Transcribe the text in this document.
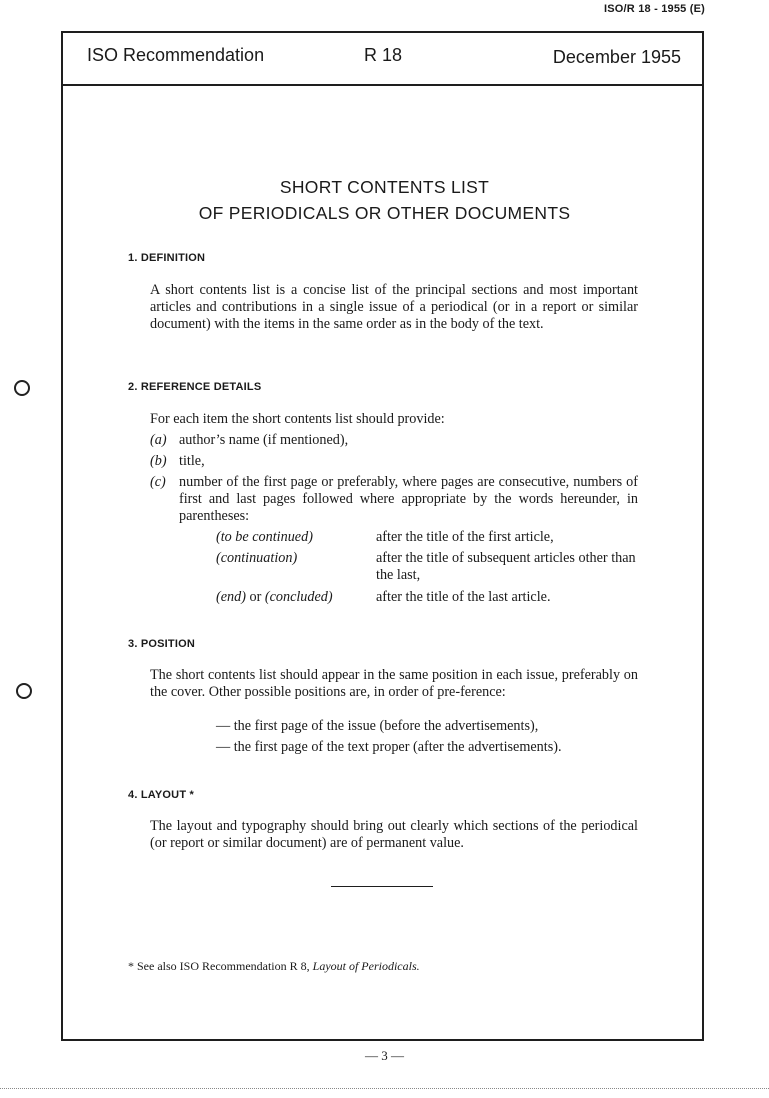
ISO/R 18 - 1955 (E)
ISO Recommendation	R 18	December 1955
SHORT CONTENTS LIST
OF PERIODICALS OR OTHER DOCUMENTS
1. DEFINITION
A short contents list is a concise list of the principal sections and most important articles and contributions in a single issue of a periodical (or in a report or similar document) with the items in the same order as in the body of the text.
2. REFERENCE DETAILS
For each item the short contents list should provide:
(a) author’s name (if mentioned),
(b) title,
(c) number of the first page or preferably, where pages are consecutive, numbers of first and last pages followed where appropriate by the words hereunder, in parentheses:
(to be continued)	after the title of the first article,
(continuation)	after the title of subsequent articles other than the last,
(end) or (concluded)	after the title of the last article.
3. POSITION
The short contents list should appear in the same position in each issue, preferably on the cover. Other possible positions are, in order of pre-ference:
— the first page of the issue (before the advertisements),
— the first page of the text proper (after the advertisements).
4. LAYOUT *
The layout and typography should bring out clearly which sections of the periodical (or report or similar document) are of permanent value.
* See also ISO Recommendation R 8, Layout of Periodicals.
— 3 —
